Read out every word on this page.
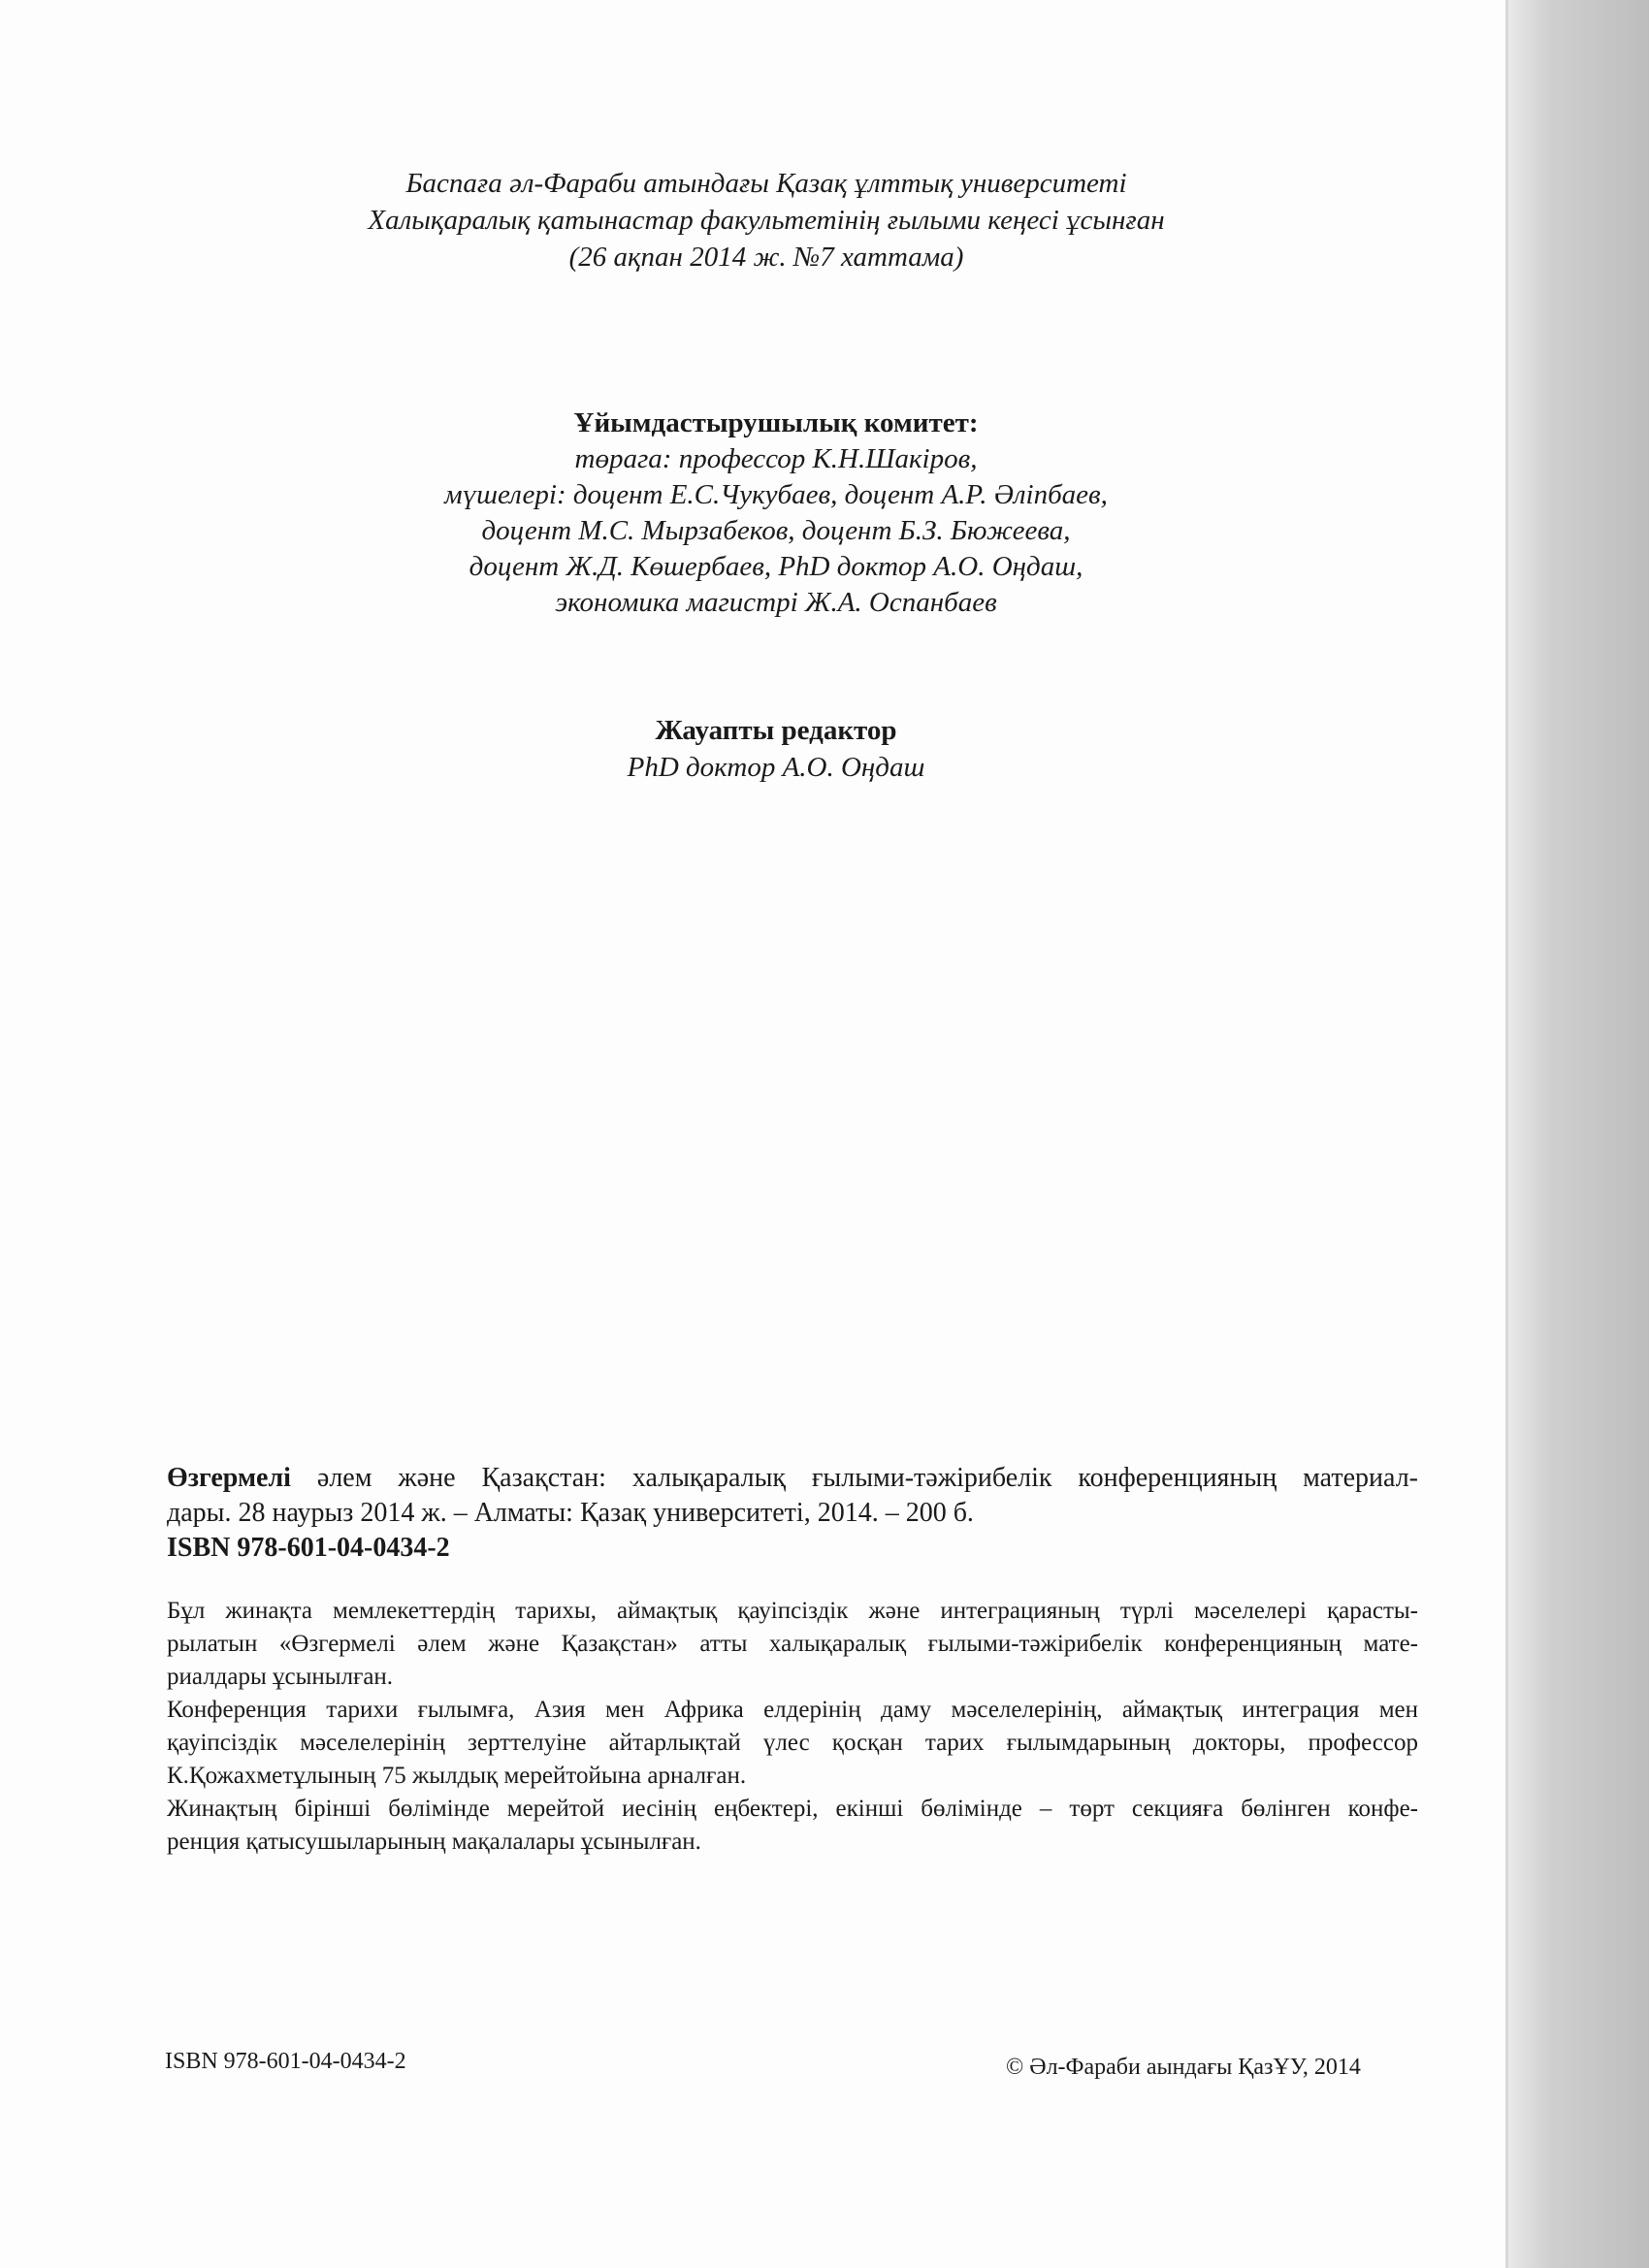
Баспаға әл-Фараби атындағы Қазақ ұлттық университеті
Халықаралық қатынастар факультетінің ғылыми кеңесі ұсынған
(26 ақпан 2014 ж. №7 хаттама)
Ұйымдастырушылық комитет:
төрага: профессор К.Н.Шакіров,
мүшелері: доцент Е.С.Чукубаев, доцент А.Р. Әліпбаев,
доцент М.С. Мырзабеков, доцент Б.З. Бюжеева,
доцент Ж.Д. Көшербаев, PhD доктор А.О. Оңдаш,
экономика магистрі Ж.А. Оспанбаев
Жауапты редактор
PhD доктор А.О. Оңдаш
Өзгермелі әлем және Қазақстан: халықаралық ғылыми-тәжірибелік конференцияның материал-
дары. 28 наурыз 2014 ж. – Алматы: Қазақ университеті, 2014. – 200 б.
ISBN 978-601-04-0434-2
Бұл жинақта мемлекеттердің тарихы, аймақтық қауіпсіздік және интеграцияның түрлі мәселелері қарасты-
рылатын «Өзгермелі әлем және Қазақстан» атты халықаралық ғылыми-тәжірибелік конференцияның мате-
риалдары ұсынылған.
Конференция тарихи ғылымға, Азия мен Африка елдерінің даму мәселелерінің, аймақтық интеграция мен
қауіпсіздік мәселелерінің зерттелуіне айтарлықтай үлес қосқан тарих ғылымдарының докторы, профессор
К.Қожахметұлының 75 жылдық мерейтойына арналған.
Жинақтың бірінші бөлімінде мерейтой иесінің еңбектері, екінші бөлімінде – төрт секцияға бөлінген конфе-
ренция қатысушыларының мақалалары ұсынылған.
ISBN 978-601-04-0434-2	© Әл-Фараби аындағы ҚазҰУ, 2014
